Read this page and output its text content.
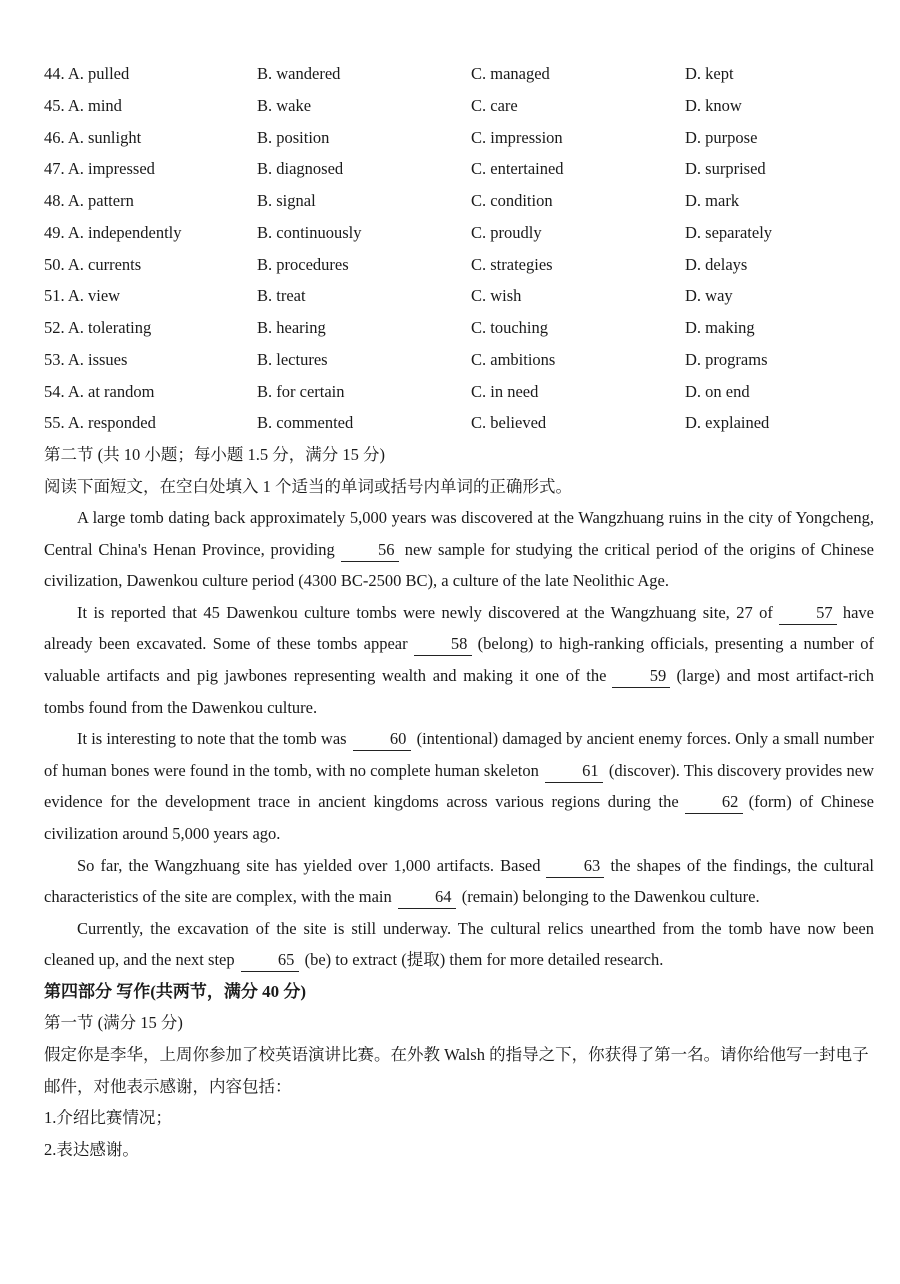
44. A. pulled	B. wandered	C. managed	D. kept
45. A. mind	B. wake	C. care	D. know
46. A. sunlight	B. position	C. impression	D. purpose
47. A. impressed	B. diagnosed	C. entertained	D. surprised
48. A. pattern	B. signal	C. condition	D. mark
49. A. independently	B. continuously	C. proudly	D. separately
50. A. currents	B. procedures	C. strategies	D. delays
51. A. view	B. treat	C. wish	D. way
52. A. tolerating	B. hearing	C. touching	D. making
53. A. issues	B. lectures	C. ambitions	D. programs
54. A. at random	B. for certain	C. in need	D. on end
55. A. responded	B. commented	C. believed	D. explained
第二节 (共 10 小题；每小题 1.5 分，满分 15 分)
阅读下面短文，在空白处填入 1 个适当的单词或括号内单词的正确形式。
A large tomb dating back approximately 5,000 years was discovered at the Wangzhuang ruins in the city of Yongcheng, Central China's Henan Province, providing	56 new sample for studying the critical period of the origins of Chinese civilization, Dawenkou culture period (4300 BC-2500 BC), a culture of the late Neolithic Age.
It is reported that 45 Dawenkou culture tombs were newly discovered at the Wangzhuang site, 27 of	57 have already been excavated. Some of these tombs appear	58 (belong) to high-ranking officials, presenting a number of valuable artifacts and pig jawbones representing wealth and making it one of the	59 (large) and most artifact-rich tombs found from the Dawenkou culture.
It is interesting to note that the tomb was	60 (intentional) damaged by ancient enemy forces. Only a small number of human bones were found in the tomb, with no complete human skeleton	61 (discover). This discovery provides new evidence for the development trace in ancient kingdoms across various regions during the	62 (form) of Chinese civilization around 5,000 years ago.
So far, the Wangzhuang site has yielded over 1,000 artifacts. Based	63 the shapes of the findings, the cultural characteristics of the site are complex, with the main	64 (remain) belonging to the Dawenkou culture.
Currently, the excavation of the site is still underway. The cultural relics unearthed from the tomb have now been cleaned up, and the next step	65 (be) to extract (提取) them for more detailed research.
第四部分 写作(共两节，满分 40 分)
第一节 (满分 15 分)
假定你是李华，上周你参加了校英语演讲比赛。在外教 Walsh 的指导之下，你获得了第一名。请你给他写一封电子邮件，对他表示感谢，内容包括：
1.介绍比赛情况；
2.表达感谢。
